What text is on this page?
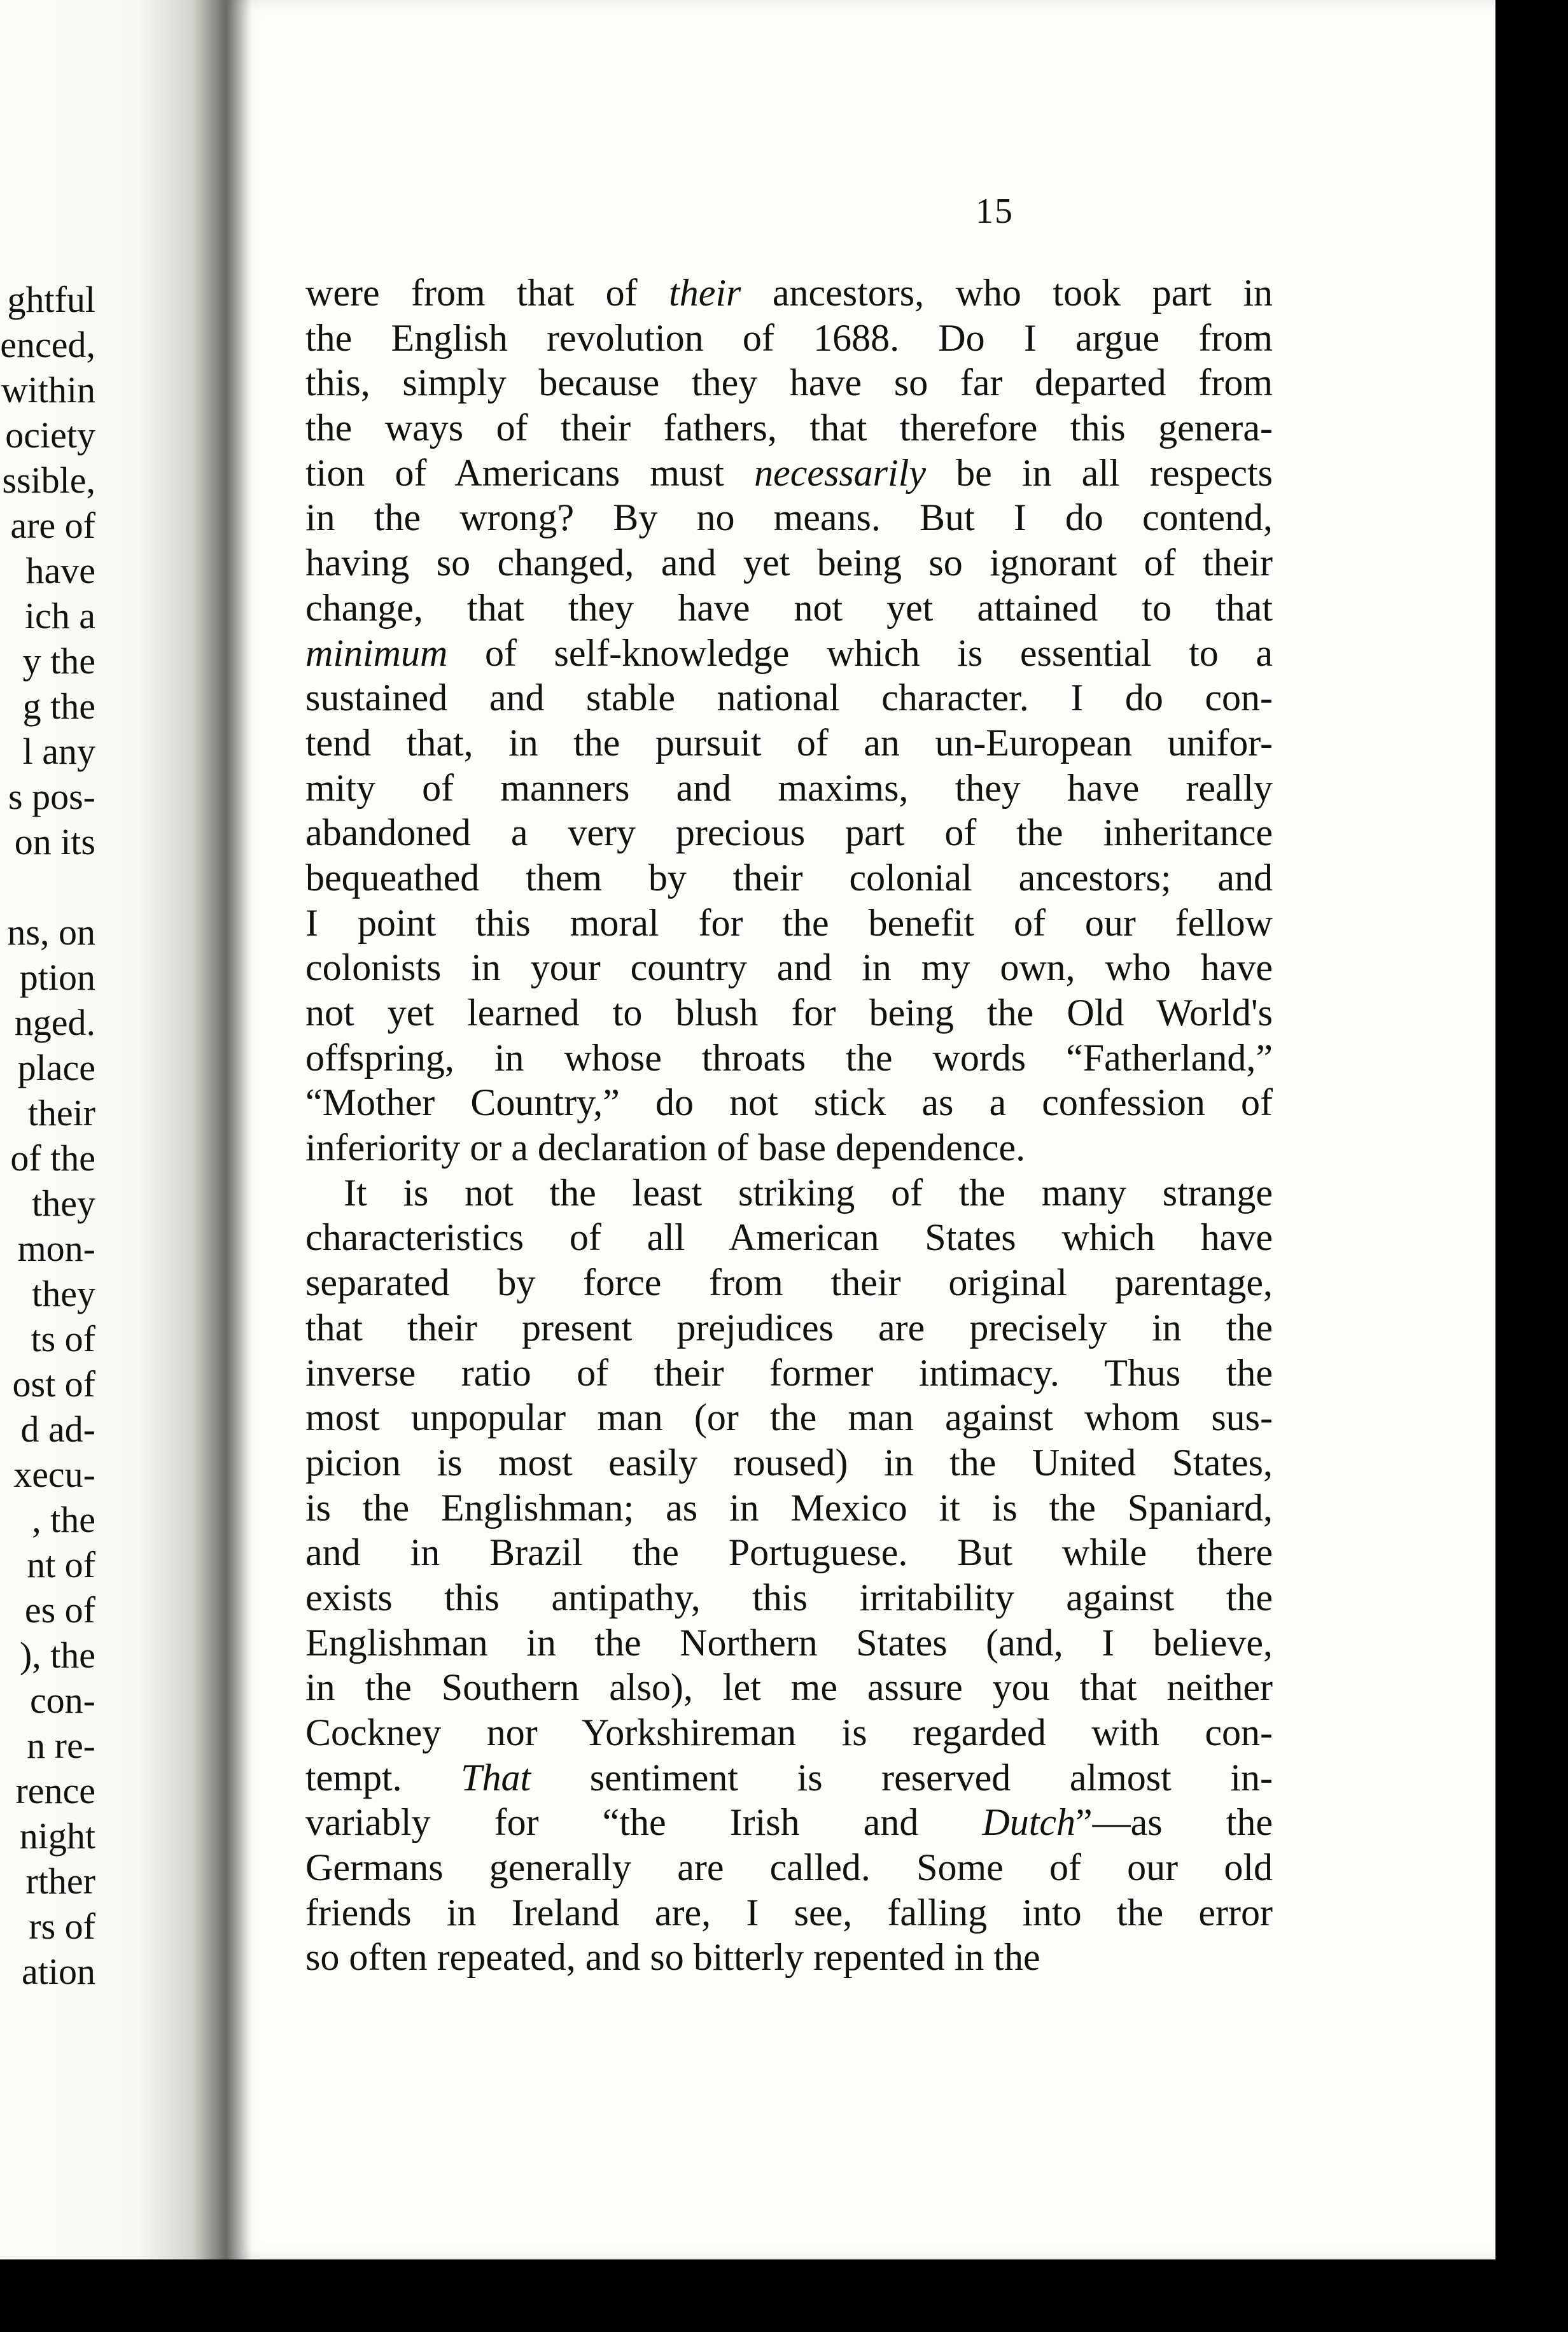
ghtful
enced,
within
ociety
ssible,
are of
have
ich a
y the
g the
l any
s pos-
on its
ns, on
ption
nged.
place
their
of the
they
mon-
they
ts of
ost of
d ad-
xecu-
, the
nt of
es of
), the
con-
n re-
rence
night
rther
rs of
ation
15
were from that of their ancestors, who took part in
the English revolution of 1688. Do I argue from
this, simply because they have so far departed from
the ways of their fathers, that therefore this genera-
tion of Americans must necessarily be in all respects
in the wrong? By no means. But I do contend,
having so changed, and yet being so ignorant of their
change, that they have not yet attained to that
minimum of self-knowledge which is essential to a
sustained and stable national character. I do con-
tend that, in the pursuit of an un-European unifor-
mity of manners and maxims, they have really
abandoned a very precious part of the inheritance
bequeathed them by their colonial ancestors; and
I point this moral for the benefit of our fellow
colonists in your country and in my own, who have
not yet learned to blush for being the Old World's
offspring, in whose throats the words “Fatherland,”
“Mother Country,” do not stick as a confession of
inferiority or a declaration of base dependence.
It is not the least striking of the many strange
characteristics of all American States which have
separated by force from their original parentage,
that their present prejudices are precisely in the
inverse ratio of their former intimacy. Thus the
most unpopular man (or the man against whom sus-
picion is most easily roused) in the United States,
is the Englishman; as in Mexico it is the Spaniard,
and in Brazil the Portuguese. But while there
exists this antipathy, this irritability against the
Englishman in the Northern States (and, I believe,
in the Southern also), let me assure you that neither
Cockney nor Yorkshireman is regarded with con-
tempt. That sentiment is reserved almost in-
variably for “the Irish and Dutch”—as the
Germans generally are called. Some of our old
friends in Ireland are, I see, falling into the error
so often repeated, and so bitterly repented in the
